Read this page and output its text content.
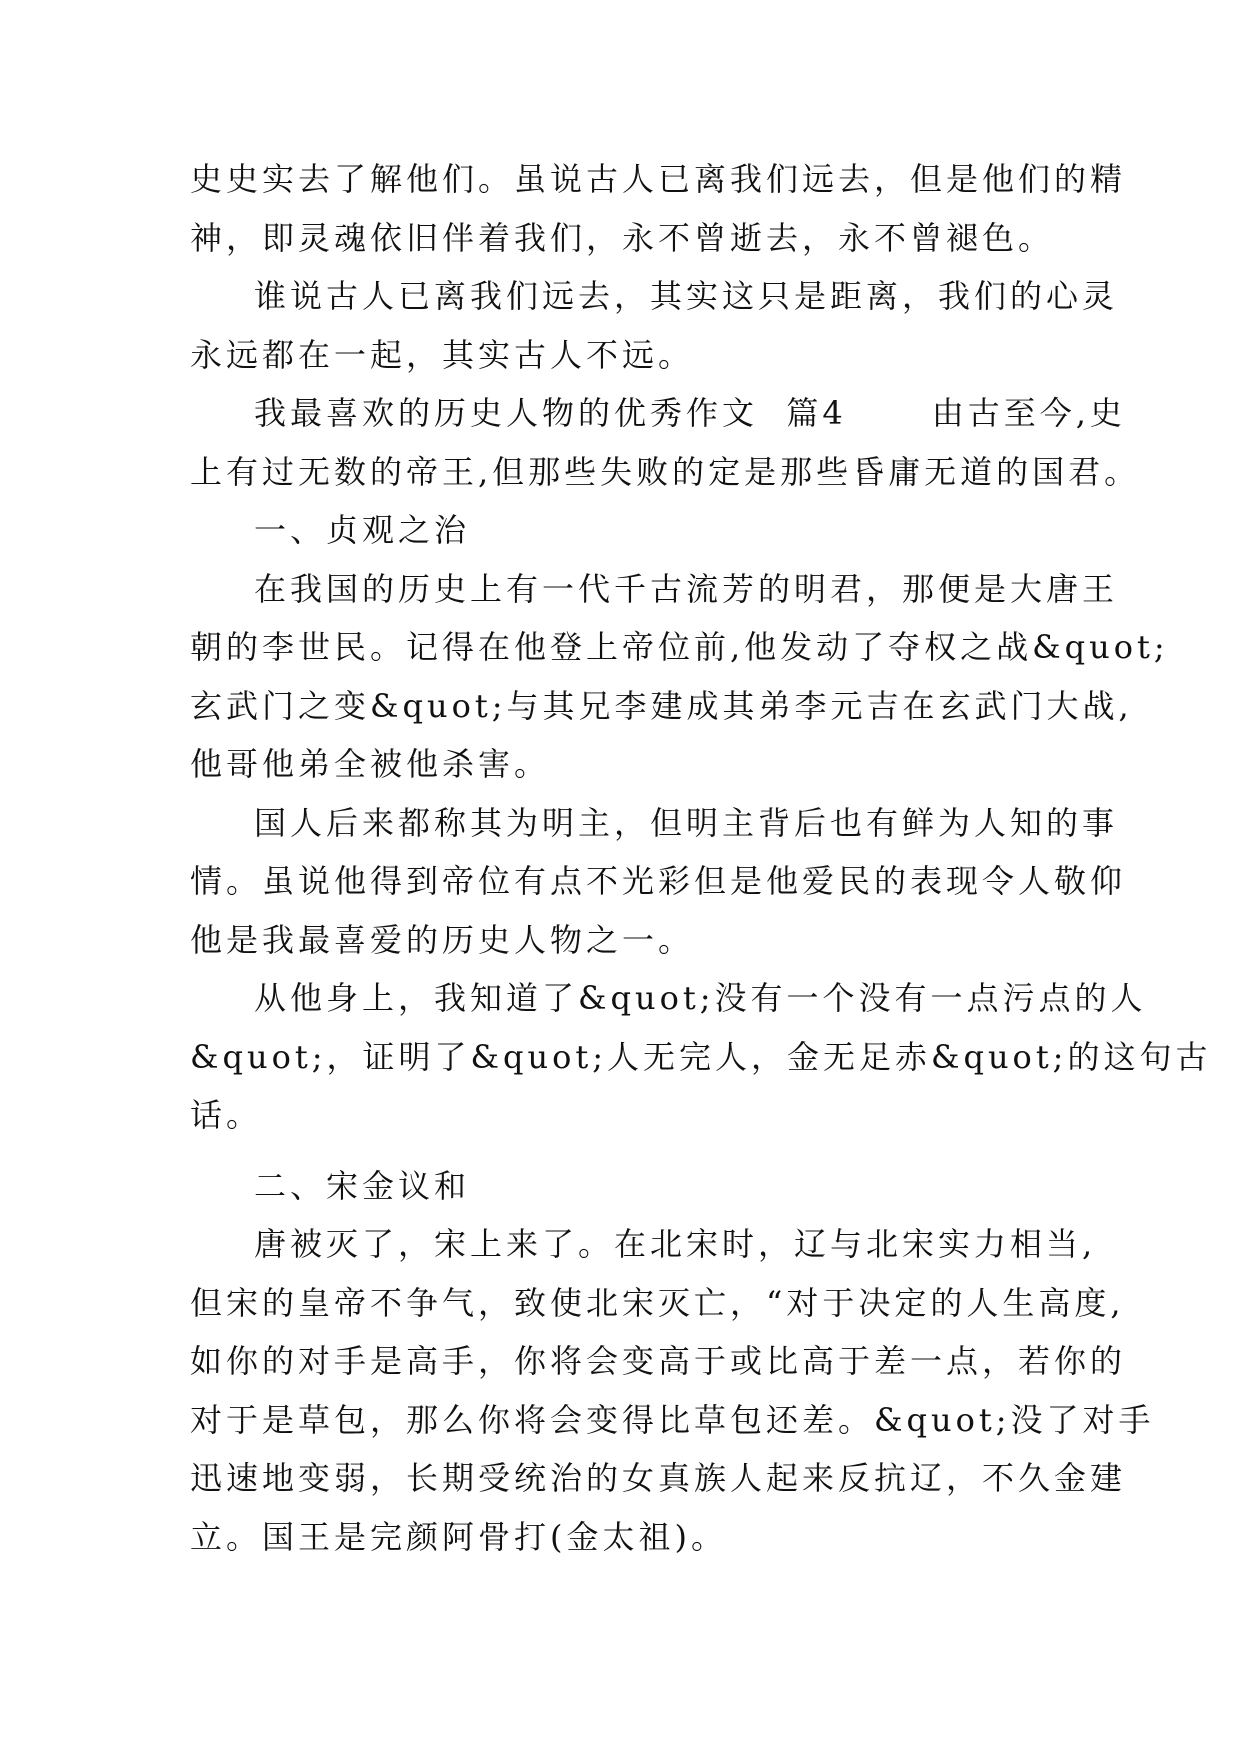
史史实去了解他们。虽说古人已离我们远去，但是他们的精
神，即灵魂依旧伴着我们，永不曾逝去，永不曾褪色。
谁说古人已离我们远去，其实这只是距离，我们的心灵
永远都在一起，其实古人不远。
我最喜欢的历史人物的优秀作文  篇4      由古至今,史
上有过无数的帝王,但那些失败的定是那些昏庸无道的国君。
一、贞观之治
在我国的历史上有一代千古流芳的明君，那便是大唐王
朝的李世民。记得在他登上帝位前,他发动了夺权之战&quot;
玄武门之变&quot;与其兄李建成其弟李元吉在玄武门大战,
他哥他弟全被他杀害。
国人后来都称其为明主，但明主背后也有鲜为人知的事
情。虽说他得到帝位有点不光彩但是他爱民的表现令人敬仰
他是我最喜爱的历史人物之一。
从他身上，我知道了&quot;没有一个没有一点污点的人
&quot;，证明了&quot;人无完人，金无足赤&quot;的这句古
话。
二、宋金议和
唐被灭了，宋上来了。在北宋时，辽与北宋实力相当,
但宋的皇帝不争气，致使北宋灭亡，“对于决定的人生高度,
如你的对手是高手，你将会变高于或比高于差一点，若你的
对于是草包，那么你将会变得比草包还差。&quot;没了对手
迅速地变弱，长期受统治的女真族人起来反抗辽，不久金建
立。国王是完颜阿骨打(金太祖)。
